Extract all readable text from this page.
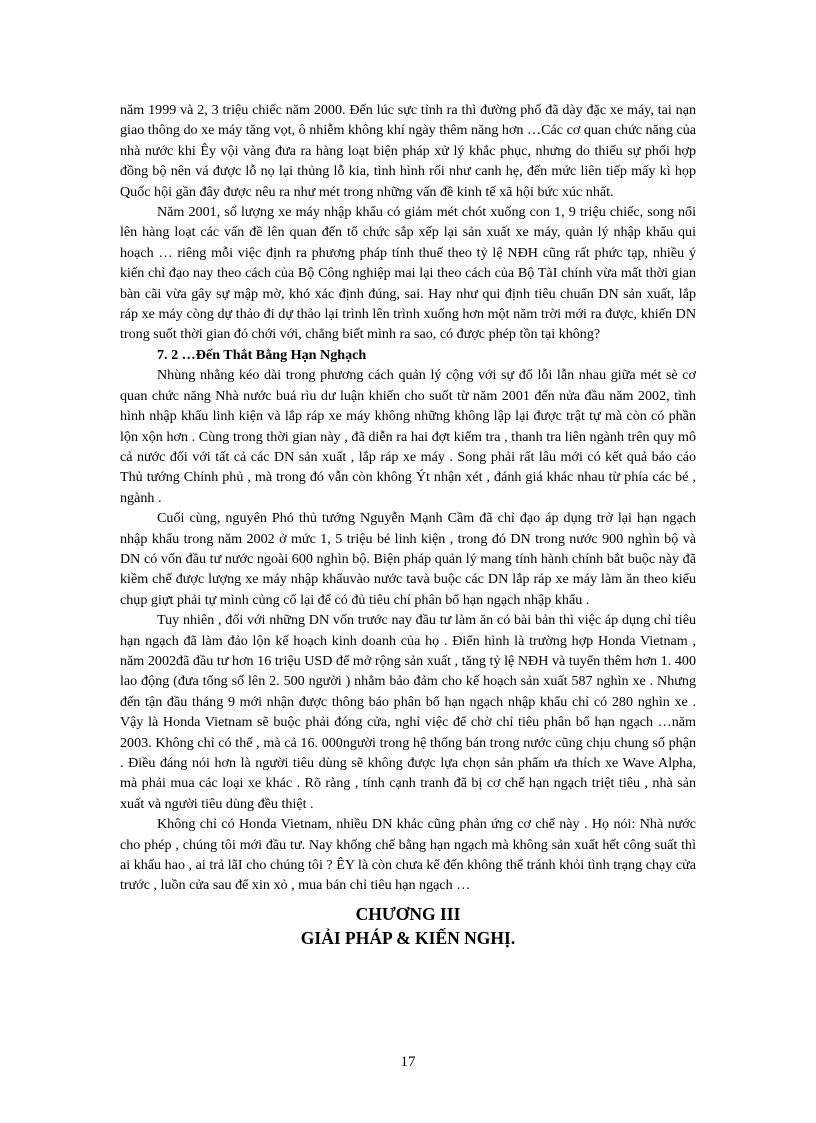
năm 1999 và 2, 3 triệu chiếc năm 2000. Đến lúc sực tỉnh ra thì đường phố đã dày đặc xe máy, tai nạn giao thông do xe máy tăng vọt, ô nhiễm không khí ngày thêm năng hơn …Các cơ quan chức năng của nhà nước khi Êy vội vàng đưa ra hàng loạt biện pháp xử lý khắc phục, nhưng do thiếu sự phối hợp đồng bộ nên vá được lỗ nọ lại thủng lỗ kia, tình hình rối như canh hẹ, đến mức liên tiếp mấy kì họp Quốc hội gần đây được nêu ra như mét trong những vấn đề kinh tế xã hội bức xúc nhất.

Năm 2001, số lượng xe máy nhập khẩu có giảm mét chót xuống con 1, 9 triệu chiếc, song nổi lên hàng loạt các vấn đề lên quan đến tổ chức sắp xếp lại sản xuất xe máy, quản lý nhập khẩu qui hoạch … riêng mỗi việc định ra phương pháp tính thuế theo tỷ lệ NĐH cũng rất phức tạp, nhiều ý kiến chỉ đạo nay theo cách của Bộ Công nghiệp mai lại theo cách của Bộ TàI chính vừa mất thời gian bàn cãi vừa gây sự mập mờ, khó xác định đúng, sai. Hay như qui định tiêu chuẩn DN sản xuất, lắp ráp xe máy còng dự thảo đi dự thảo lại trình lên trình xuống hơn một năm trời mới ra được, khiến DN trong suốt thời gian đó chới với, chẳng biết mình ra sao, có được phép tồn tại không?

7. 2 …Đến Thắt Bằng Hạn Nghạch

Nhùng nhằng kéo dài trong phương cách quản lý cộng với sự đổ lỗi lẫn nhau giữa mét sè cơ quan chức năng Nhà nước buá rìu dư luận khiến cho suốt từ năm 2001 đến nửa đầu năm 2002, tình hình nhập khẩu linh kiện và lắp ráp xe máy không những không lập lại được trật tự mà còn có phần lộn xộn hơn . Cùng trong thời gian này , đã diễn ra hai đợt kiểm tra , thanh tra liên ngành trên quy mô cả nước đối với tất cả các DN sản xuất , lắp ráp xe máy . Song phải rất lâu mới có kết quả báo cáo Thủ tướng Chính phủ , mà trong đó vẫn còn không Ýt nhận xét , đánh giá khác nhau từ phía các bé , ngành .

Cuối cùng, nguyên Phó thủ tướng Nguyễn Mạnh Cầm đã chỉ đạo áp dụng trở lại hạn ngạch nhập khẩu trong năm 2002 ở mức 1, 5 triệu bé linh kiện , trong đó DN trong nước 900 nghìn bộ và DN có vốn đầu tư nước ngoài 600 nghìn bộ. Biện pháp quản lý mang tính hành chính bắt buộc này đã kiềm chế được lượng xe máy nhập khẩuvào nước tavà buộc các DN lắp ráp xe máy làm ăn theo kiểu chụp giựt phải tự mình củng cố lại để có đủ tiêu chí phân bổ hạn ngạch nhập khẩu .

Tuy nhiên , đối với những DN vốn trước nay đầu tư làm ăn có bài bản thì việc áp dụng chỉ tiêu hạn ngạch đã làm đảo lộn kế hoạch kinh doanh của họ . Điển hình là trường hợp Honda Vietnam , năm 2002đã đầu tư hơn 16 triệu USD để mở rộng sản xuất , tăng tỷ lệ NĐH và tuyển thêm hơn 1. 400 lao động (đưa tổng số lên 2. 500 người ) nhằm bảo đảm cho kế hoạch sản xuất 587 nghìn xe . Nhưng đến tận đầu tháng 9 mới nhận được thông báo phân bổ hạn ngạch nhập khẩu chỉ có 280 nghìn xe . Vậy là Honda Vietnam sẽ buộc phải đóng cửa, nghỉ việc để chờ chỉ tiêu phân bổ hạn ngạch …năm 2003. Không chỉ có thế , mà cả 16. 000người trong hệ thống bán trong nước cũng chịu chung số phận . Điều đáng nói hơn là người tiêu dùng sẽ không được lựa chọn sản phẩm ưa thích xe Wave Alpha, mà phải mua các loại xe khác . Rõ ràng , tính cạnh tranh đã bị cơ chế hạn ngạch triệt tiêu , nhà sản xuất và người tiêu dùng đều thiệt .

Không chỉ có Honda Vietnam, nhiều DN khác cũng phản ứng cơ chế này . Họ nói: Nhà nước cho phép , chúng tôi mới đầu tư. Nay khống chế bằng hạn ngạch mà không sản xuất hết công suất thì ai khấu hao , ai trả lãI cho chúng tôi ? ÊY là còn chưa kể đến không thể tránh khỏi tình trạng chạy cửa trước , luồn cửa sau để xin xỏ , mua bán chỉ tiêu hạn ngạch …

CHƯƠNG III

GIẢI PHÁP & KIẾN NGHỊ.

17
